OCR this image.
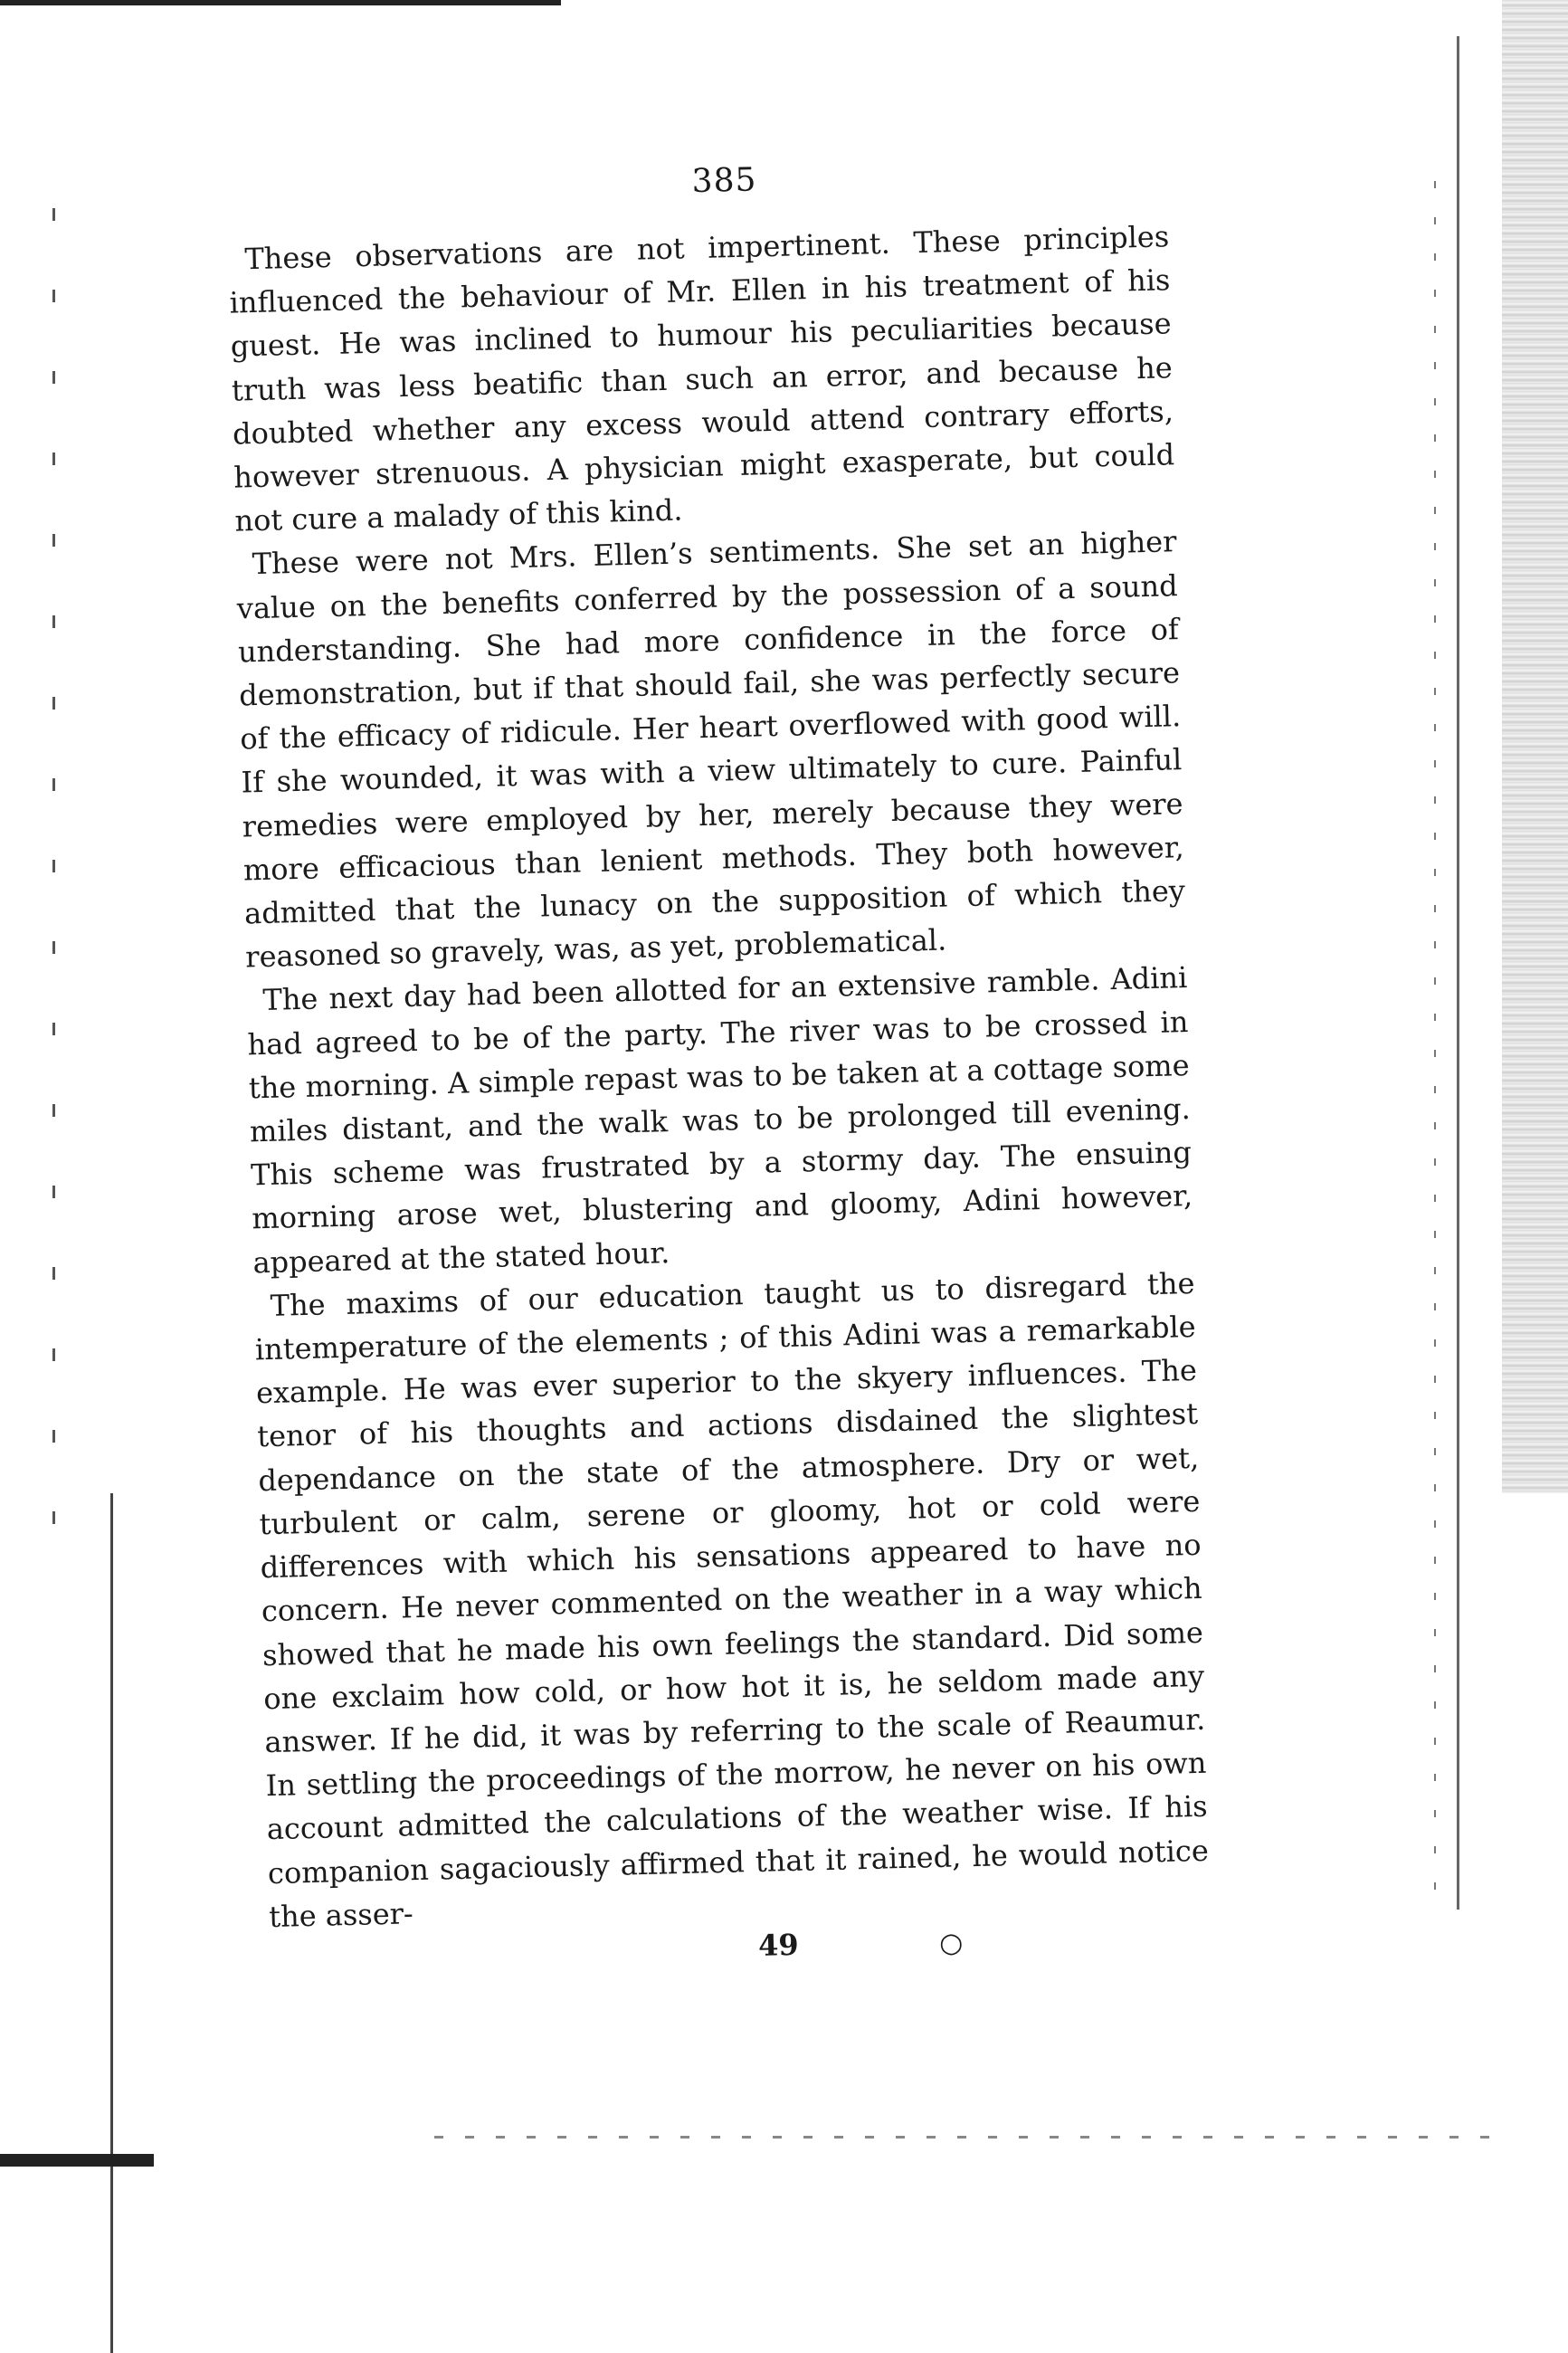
385

These observations are not impertinent. These principles influenced the behaviour of Mr. Ellen in his treatment of his guest. He was inclined to humour his peculiarities because truth was less beatific than such an error, and because he doubted whether any excess would attend contrary efforts, however strenuous. A physician might exasperate, but could not cure a malady of this kind.

These were not Mrs. Ellen’s sentiments. She set an higher value on the benefits conferred by the possession of a sound understanding. She had more confidence in the force of demonstration, but if that should fail, she was perfectly secure of the efficacy of ridicule. Her heart overflowed with good will. If she wounded, it was with a view ultimately to cure. Painful remedies were employed by her, merely because they were more efficacious than lenient methods. They both however, admitted that the lunacy on the supposition of which they reasoned so gravely, was, as yet, problematical.

The next day had been allotted for an extensive ramble. Adini had agreed to be of the party. The river was to be crossed in the morning. A simple repast was to be taken at a cottage some miles distant, and the walk was to be prolonged till evening. This scheme was frustrated by a stormy day. The ensuing morning arose wet, blustering and gloomy, Adini however, appeared at the stated hour.

The maxims of our education taught us to disregard the intemperature of the elements ; of this Adini was a remarkable example. He was ever superior to the skyery influences. The tenor of his thoughts and actions disdained the slightest dependance on the state of the atmosphere. Dry or wet, turbulent or calm, serene or gloomy, hot or cold were differences with which his sensations appeared to have no concern. He never commented on the weather in a way which showed that he made his own feelings the standard. Did some one exclaim how cold, or how hot it is, he seldom made any answer. If he did, it was by referring to the scale of Reaumur. In settling the proceedings of the morrow, he never on his own account admitted the calculations of the weather wise. If his companion sagaciously affirmed that it rained, he would notice the asser-

49	○
